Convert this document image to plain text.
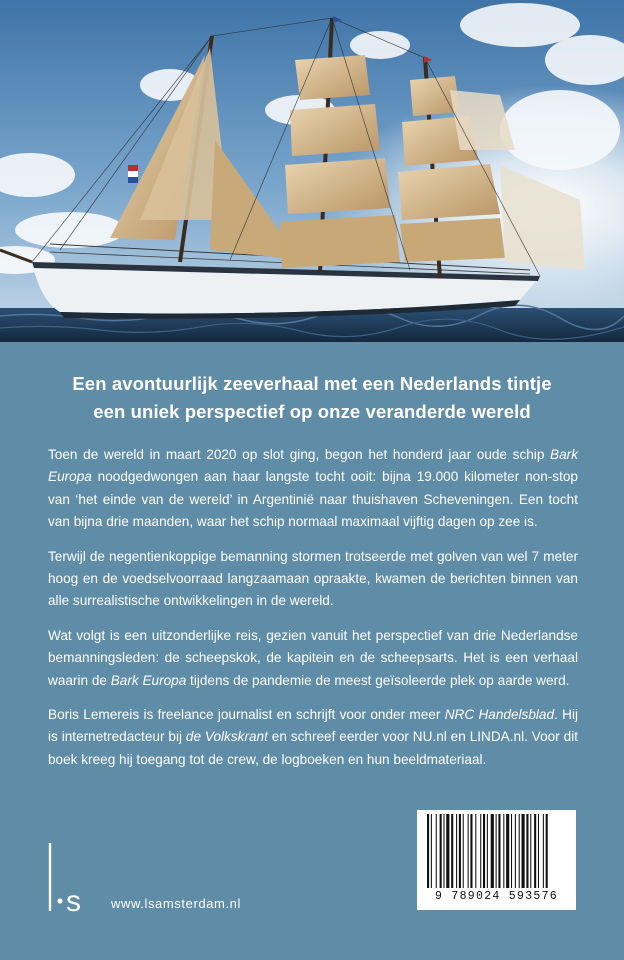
Een avontuurlijk zeeverhaal met een Nederlands tintje
een uniek perspectief op onze veranderde wereld

Toen de wereld in maart 2020 op slot ging, begon het honderd jaar oude schip Bark Europa noodgedwongen aan haar langste tocht ooit: bijna 19.000 kilometer non-stop van ‘het einde van de wereld’ in Argentinië naar thuishaven Scheveningen. Een tocht van bijna drie maanden, waar het schip normaal maximaal vijftig dagen op zee is.

Terwijl de negentienkoppige bemanning stormen trotseerde met golven van wel 7 meter hoog en de voedselvoorraad langzaamaan opraakte, kwamen de berichten binnen van alle surrealistische ontwikkelingen in de wereld.

Wat volgt is een uitzonderlijke reis, gezien vanuit het perspectief van drie Nederlandse bemanningsleden: de scheepskok, de kapitein en de scheepsarts. Het is een verhaal waarin de Bark Europa tijdens de pandemie de meest geïsoleerde plek op aarde werd.

Boris Lemereis is freelance journalist en schrijft voor onder meer NRC Handelsblad. Hij is internetredacteur bij de Volkskrant en schreef eerder voor NU.nl en LINDA.nl. Voor dit boek kreeg hij toegang tot de crew, de logboeken en hun beeldmateriaal.

s www.lsamsterdam.nl	9 789024 593576
